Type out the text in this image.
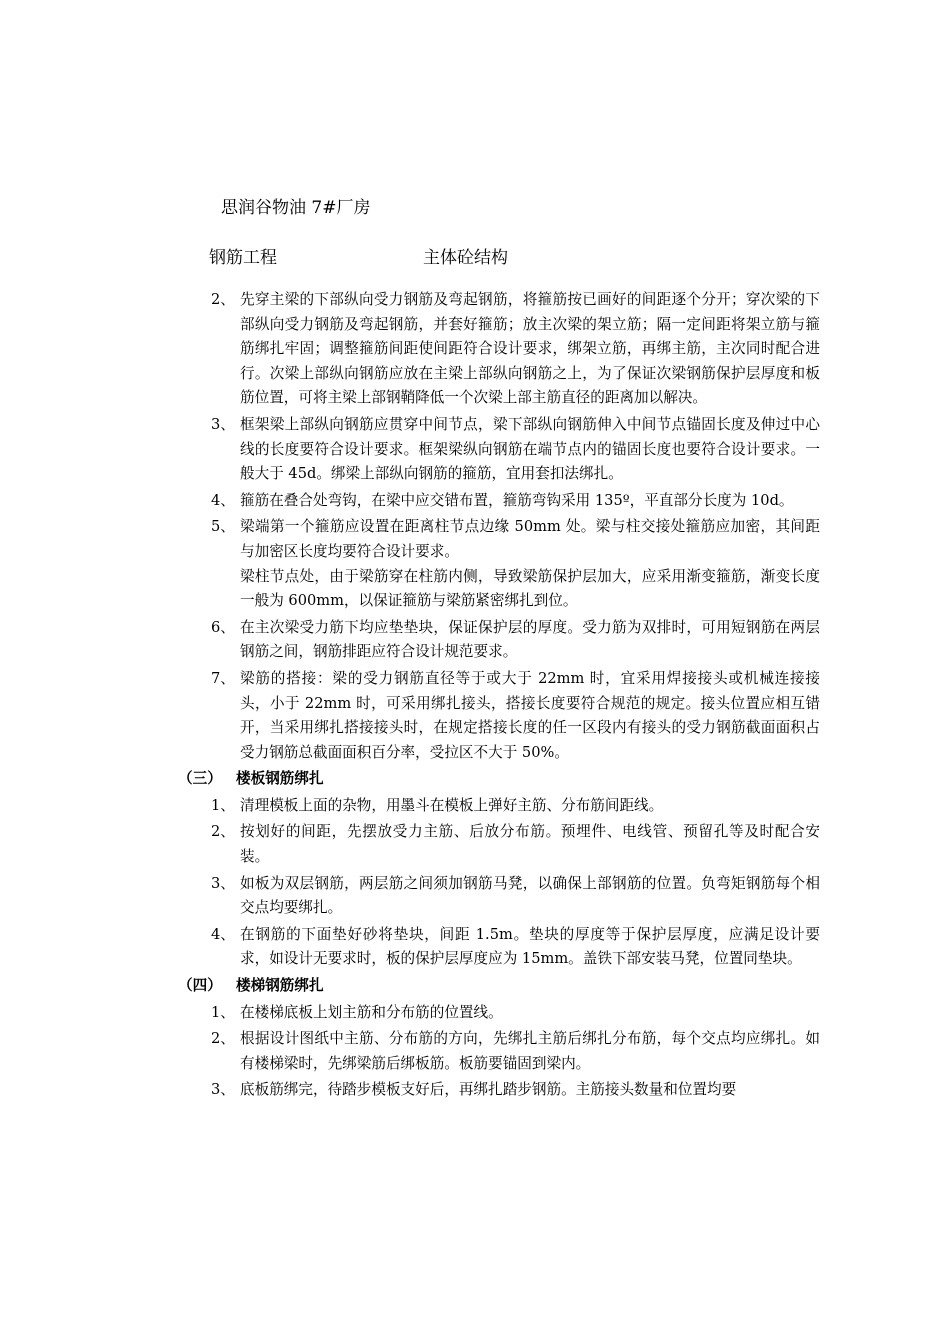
思润谷物油 7#厂房
钢筋工程	主体砼结构
2、 先穿主梁的下部纵向受力钢筋及弯起钢筋，将箍筋按已画好的间距逐个分开；穿次梁的下部纵向受力钢筋及弯起钢筋，并套好箍筋；放主次梁的架立筋；隔一定间距将架立筋与箍筋绑扎牢固；调整箍筋间距使间距符合设计要求，绑架立筋，再绑主筋，主次同时配合进行。次梁上部纵向钢筋应放在主梁上部纵向钢筋之上，为了保证次梁钢筋保护层厚度和板筋位置，可将主梁上部钢鞘降低一个次梁上部主筋直径的距离加以解决。

3、 框架梁上部纵向钢筋应贯穿中间节点，梁下部纵向钢筋伸入中间节点锚固长度及伸过中心线的长度要符合设计要求。框架梁纵向钢筋在端节点内的锚固长度也要符合设计要求。一般大于 45d。绑梁上部纵向钢筋的箍筋，宜用套扣法绑扎。

4、 箍筋在叠合处弯钩，在梁中应交错布置，箍筋弯钩采用 135º，平直部分长度为 10d。

5、 梁端第一个箍筋应设置在距离柱节点边缘 50mm 处。梁与柱交接处箍筋应加密，其间距与加密区长度均要符合设计要求。

梁柱节点处，由于梁筋穿在柱筋内侧，导致梁筋保护层加大，应采用渐变箍筋，渐变长度一般为 600mm，以保证箍筋与梁筋紧密绑扎到位。

6、 在主次梁受力筋下均应垫垫块，保证保护层的厚度。受力筋为双排时，可用短钢筋在两层钢筋之间，钢筋排距应符合设计规范要求。

7、 梁筋的搭接：梁的受力钢筋直径等于或大于 22mm 时，宜采用焊接接头或机械连接接头，小于 22mm 时，可采用绑扎接头，搭接长度要符合规范的规定。接头位置应相互错开，当采用绑扎搭接接头时，在规定搭接长度的任一区段内有接头的受力钢筋截面面积占受力钢筋总截面面积百分率，受拉区不大于 50%。

（三） 楼板钢筋绑扎
1、 清理模板上面的杂物，用墨斗在模板上弹好主筋、分布筋间距线。

2、 按划好的间距，先摆放受力主筋、后放分布筋。预埋件、电线管、预留孔等及时配合安装。

3、 如板为双层钢筋，两层筋之间须加钢筋马凳，以确保上部钢筋的位置。负弯矩钢筋每个相交点均要绑扎。

4、 在钢筋的下面垫好砂将垫块，间距 1.5m。垫块的厚度等于保护层厚度，应满足设计要求，如设计无要求时，板的保护层厚度应为 15mm。盖铁下部安装马凳，位置同垫块。

（四） 楼梯钢筋绑扎
1、 在楼梯底板上划主筋和分布筋的位置线。

2、 根据设计图纸中主筋、分布筋的方向，先绑扎主筋后绑扎分布筋，每个交点均应绑扎。如有楼梯梁时，先绑梁筋后绑板筋。板筋要锚固到梁内。

3、 底板筋绑完，待踏步模板支好后，再绑扎踏步钢筋。主筋接头数量和位置均要
